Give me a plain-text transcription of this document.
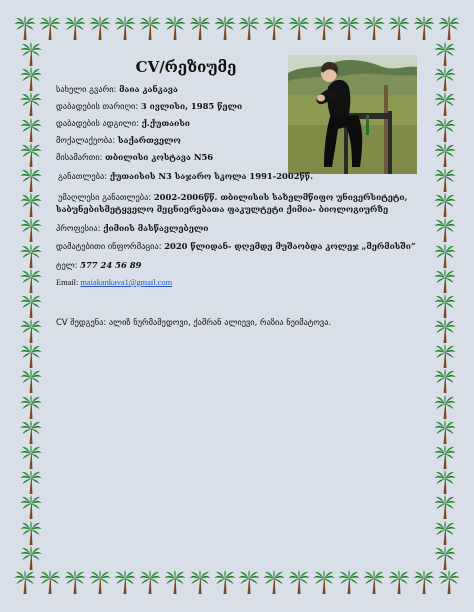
CV/რეზიუმე
სახელი გვარი: მაია კანკავა
დაბადების თარიღი: 3 ივლისი, 1985 წელი
დაბადების ადგილი: ქ.ქუთაისი
მოქალაქეობა: საქართველო
მისამართი: თბილისი კოსტავა N56
განათლება: ქუთაისის N3 საჯარო სკოლა 1991-2002წწ.
უმაღლესი განათლება: 2002-2006წწ. თბილისის სახელმწიფო უნივერსიტეტი,
საბუნებისმეტყველო მეცნიერებათა ფაკულტეტი ქიმია- ბიოლოგიურზე
პროფესია: ქიმიის მასწავლებელი
დამატებითი ინფორმაცია: 2020 წლიდან- დღემდე მუშაობდა კოლეჯ „მერმისში“
ტელ: 577 24 56 89
Email: maiakankava1@gmail.com
CV შედგენა: ალიზ ნურმამედოვი, ქამრან ალიევი, რაზია ნეიმატოვა.
